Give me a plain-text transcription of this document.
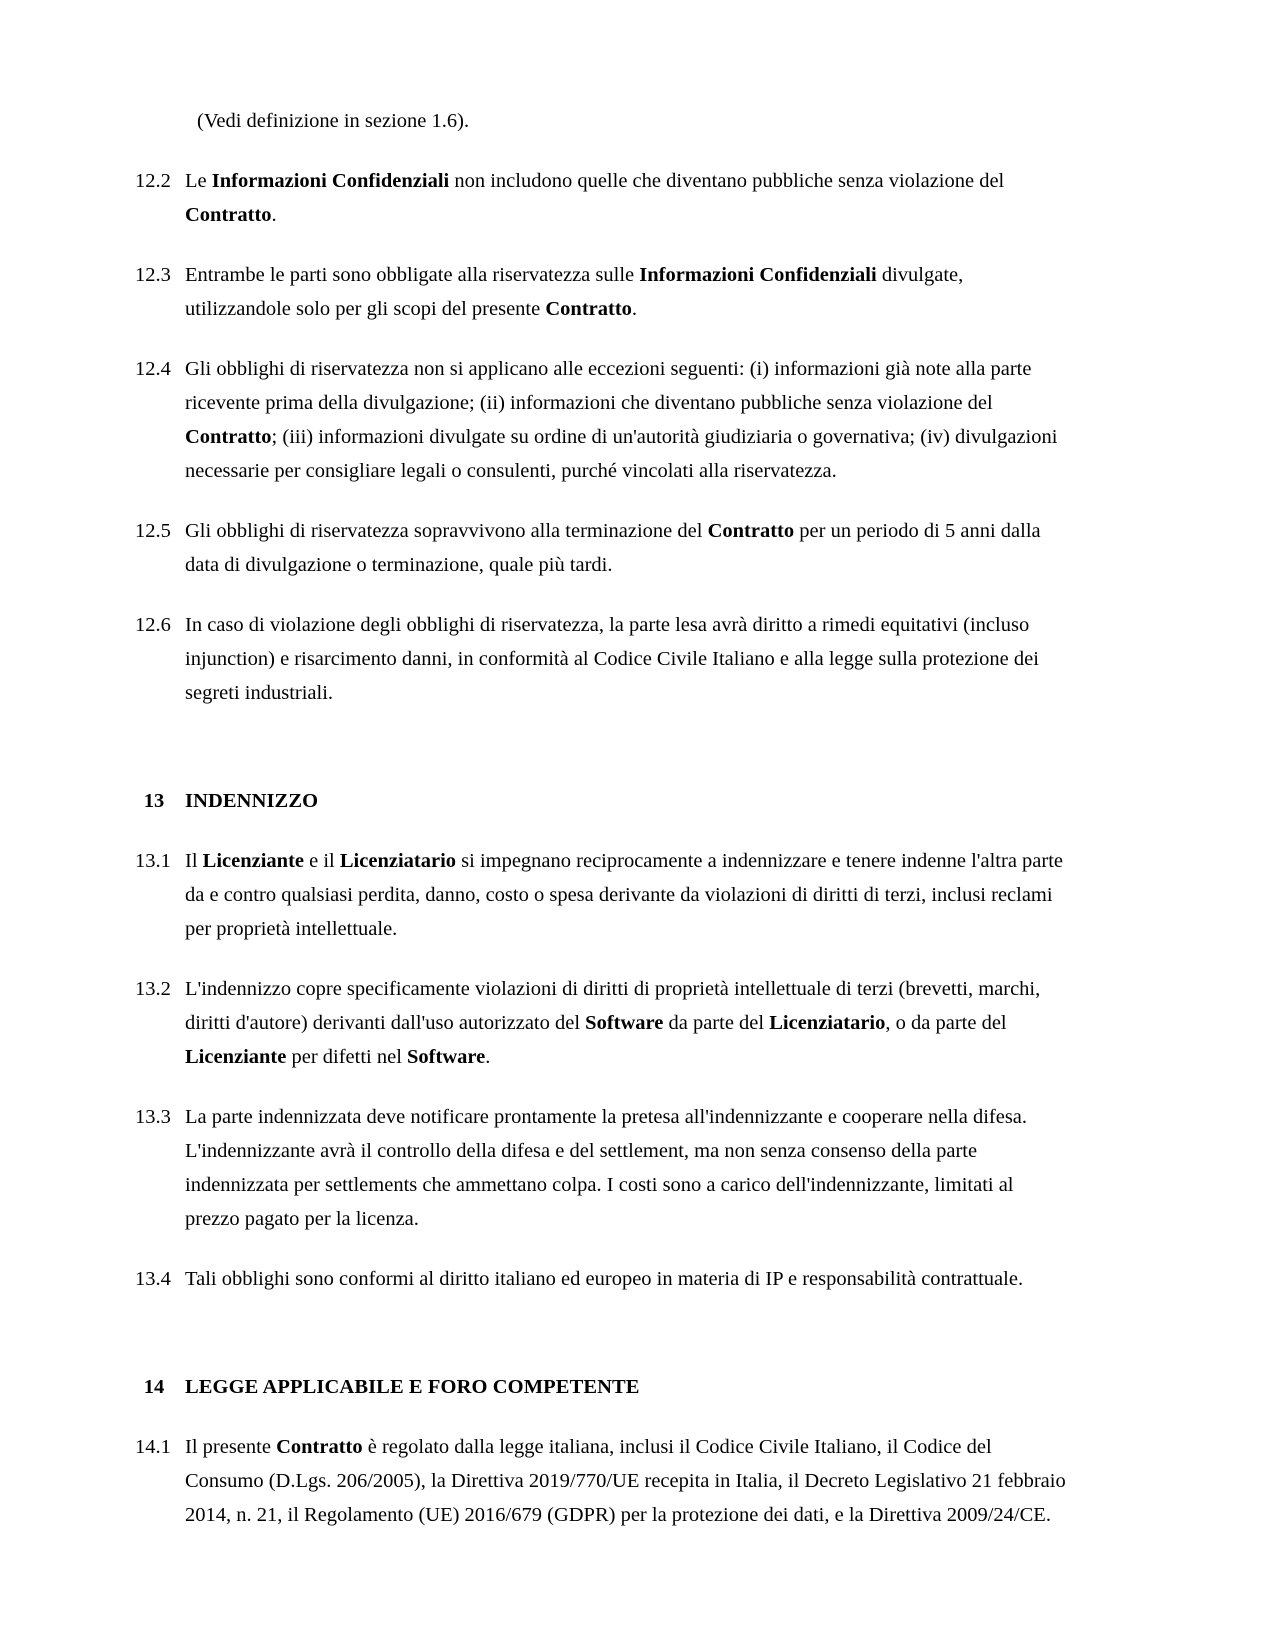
(Vedi definizione in sezione 1.6).

12.2 Le Informazioni Confidenziali non includono quelle che diventano pubbliche senza violazione del Contratto.
12.3 Entrambe le parti sono obbligate alla riservatezza sulle Informazioni Confidenziali divulgate, utilizzandole solo per gli scopi del presente Contratto.
12.4 Gli obblighi di riservatezza non si applicano alle eccezioni seguenti: (i) informazioni già note alla parte ricevente prima della divulgazione; (ii) informazioni che diventano pubbliche senza violazione del Contratto; (iii) informazioni divulgate su ordine di un'autorità giudiziaria o governativa; (iv) divulgazioni necessarie per consigliare legali o consulenti, purché vincolati alla riservatezza.
12.5 Gli obblighi di riservatezza sopravvivono alla terminazione del Contratto per un periodo di 5 anni dalla data di divulgazione o terminazione, quale più tardi.
12.6 In caso di violazione degli obblighi di riservatezza, la parte lesa avrà diritto a rimedi equitativi (incluso injunction) e risarcimento danni, in conformità al Codice Civile Italiano e alla legge sulla protezione dei segreti industriali.
13	INDENNIZZO
13.1 Il Licenziante e il Licenziatario si impegnano reciprocamente a indennizzare e tenere indenne l'altra parte da e contro qualsiasi perdita, danno, costo o spesa derivante da violazioni di diritti di terzi, inclusi reclami per proprietà intellettuale.
13.2 L'indennizzo copre specificamente violazioni di diritti di proprietà intellettuale di terzi (brevetti, marchi, diritti d'autore) derivanti dall'uso autorizzato del Software da parte del Licenziatario, o da parte del Licenziante per difetti nel Software.
13.3 La parte indennizzata deve notificare prontamente la pretesa all'indennizzante e cooperare nella difesa. L'indennizzante avrà il controllo della difesa e del settlement, ma non senza consenso della parte indennizzata per settlements che ammettano colpa. I costi sono a carico dell'indennizzante, limitati al prezzo pagato per la licenza.
13.4 Tali obblighi sono conformi al diritto italiano ed europeo in materia di IP e responsabilità contrattuale.
14	LEGGE APPLICABILE E FORO COMPETENTE
14.1 Il presente Contratto è regolato dalla legge italiana, inclusi il Codice Civile Italiano, il Codice del Consumo (D.Lgs. 206/2005), la Direttiva 2019/770/UE recepita in Italia, il Decreto Legislativo 21 febbraio 2014, n. 21, il Regolamento (UE) 2016/679 (GDPR) per la protezione dei dati, e la Direttiva 2009/24/CE.
